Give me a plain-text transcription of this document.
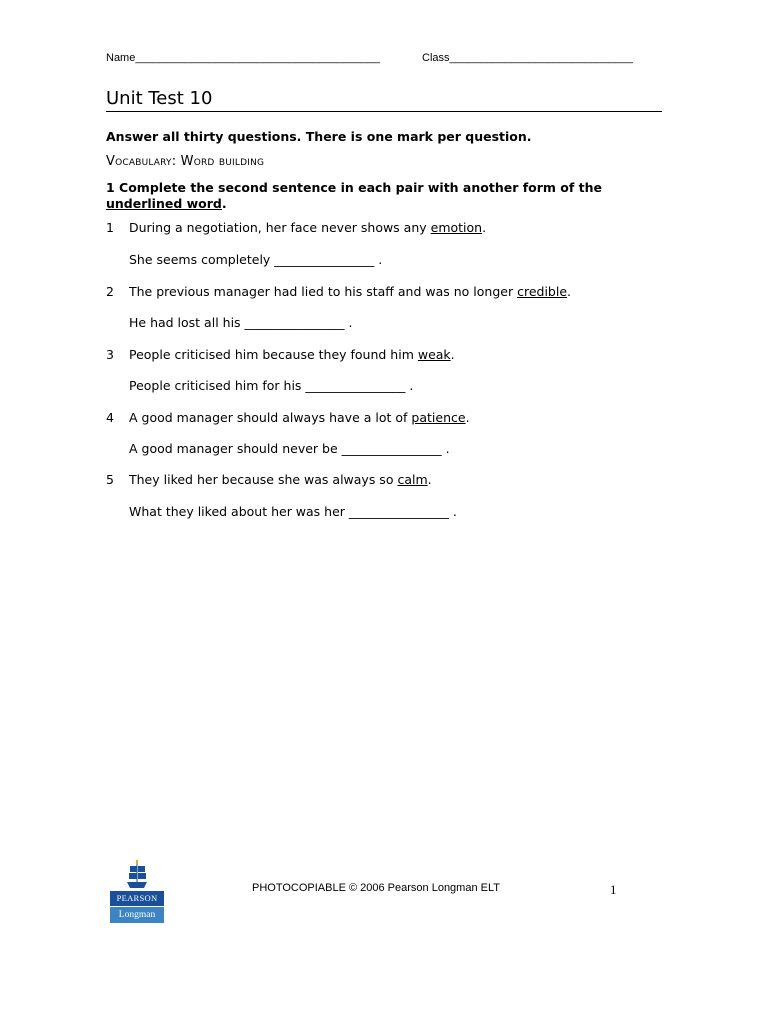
Name________________________________________	Class______________________________
Unit Test 10
Answer all thirty questions. There is one mark per question.
Vocabulary: Word building
1 Complete the second sentence in each pair with another form of the underlined word.
1 During a negotiation, her face never shows any emotion.
She seems completely ________________ .
2 The previous manager had lied to his staff and was no longer credible.
He had lost all his ________________ .
3 People criticised him because they found him weak.
People criticised him for his ________________ .
4 A good manager should always have a lot of patience.
A good manager should never be ________________ .
5 They liked her because she was always so calm.
What they liked about her was her ________________ .
PEARSON
Longman
PHOTOCOPIABLE © 2006 Pearson Longman ELT	1
